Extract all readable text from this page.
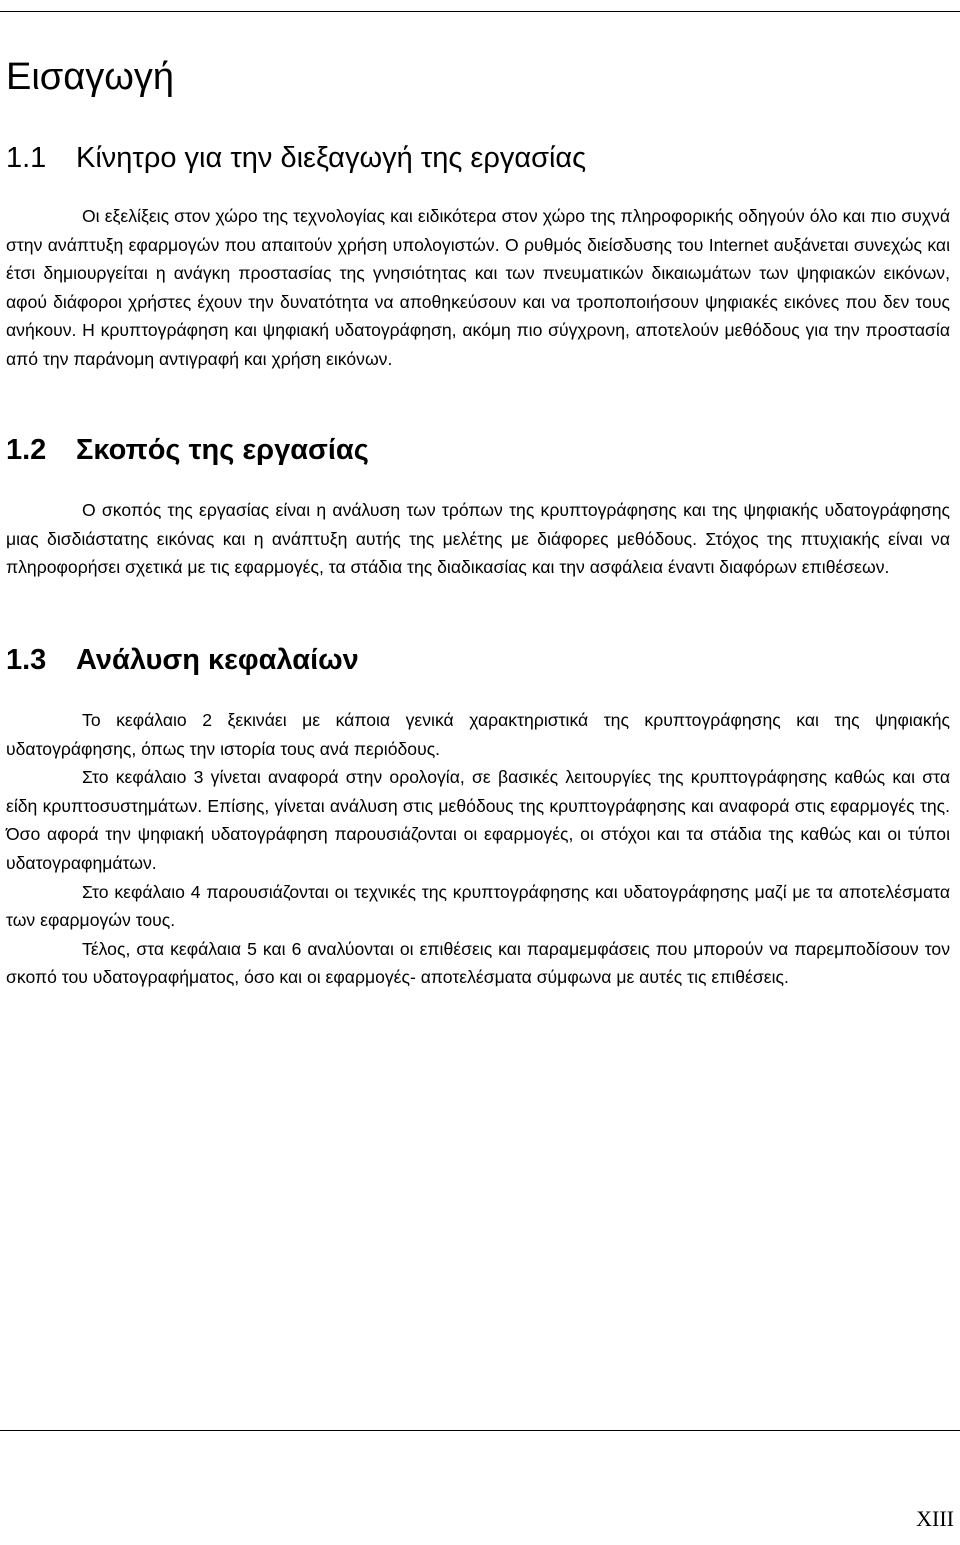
Εισαγωγή
1.1 Κίνητρο για την διεξαγωγή της εργασίας

Οι εξελίξεις στον χώρο της τεχνολογίας και ειδικότερα στον χώρο της πληροφορικής οδηγούν όλο και πιο συχνά στην ανάπτυξη εφαρμογών που απαιτούν χρήση υπολογιστών. Ο ρυθμός διείσδυσης του Internet αυξάνεται συνεχώς και έτσι δημιουργείται η ανάγκη προστασίας της γνησιότητας και των πνευματικών δικαιωμάτων των ψηφιακών εικόνων, αφού διάφοροι χρήστες έχουν την δυνατότητα να αποθηκεύσουν και να τροποποιήσουν ψηφιακές εικόνες που δεν τους ανήκουν. Η κρυπτογράφηση και ψηφιακή υδατογράφηση, ακόμη πιο σύγχρονη, αποτελούν μεθόδους για την προστασία από την παράνομη αντιγραφή και χρήση εικόνων.

1.2 Σκοπός της εργασίας

Ο σκοπός της εργασίας είναι η ανάλυση των τρόπων της κρυπτογράφησης και της ψηφιακής υδατογράφησης μιας δισδιάστατης εικόνας και η ανάπτυξη αυτής της μελέτης με διάφορες μεθόδους. Στόχος της πτυχιακής είναι να πληροφορήσει σχετικά με τις εφαρμογές, τα στάδια της διαδικασίας και την ασφάλεια έναντι διαφόρων επιθέσεων.

1.3 Ανάλυση κεφαλαίων

Το κεφάλαιο 2 ξεκινάει με κάποια γενικά χαρακτηριστικά της κρυπτογράφησης και της ψηφιακής υδατογράφησης, όπως την ιστορία τους ανά περιόδους.

Στο κεφάλαιο 3 γίνεται αναφορά στην ορολογία, σε βασικές λειτουργίες της κρυπτογράφησης καθώς και στα είδη κρυπτοσυστημάτων. Επίσης, γίνεται ανάλυση στις μεθόδους της κρυπτογράφησης και αναφορά στις εφαρμογές της. Όσο αφορά την ψηφιακή υδατογράφηση παρουσιάζονται οι εφαρμογές, οι στόχοι και τα στάδια της καθώς και οι τύποι υδατογραφημάτων.

Στο κεφάλαιο 4 παρουσιάζονται οι τεχνικές της κρυπτογράφησης και υδατογράφησης μαζί με τα αποτελέσματα των εφαρμογών τους.

Τέλος, στα κεφάλαια 5 και 6 αναλύονται οι επιθέσεις και παραμεμφάσεις που μπορούν να παρεμποδίσουν τον σκοπό του υδατογραφήματος, όσο και οι εφαρμογές- αποτελέσματα σύμφωνα με αυτές τις επιθέσεις.

XIII
